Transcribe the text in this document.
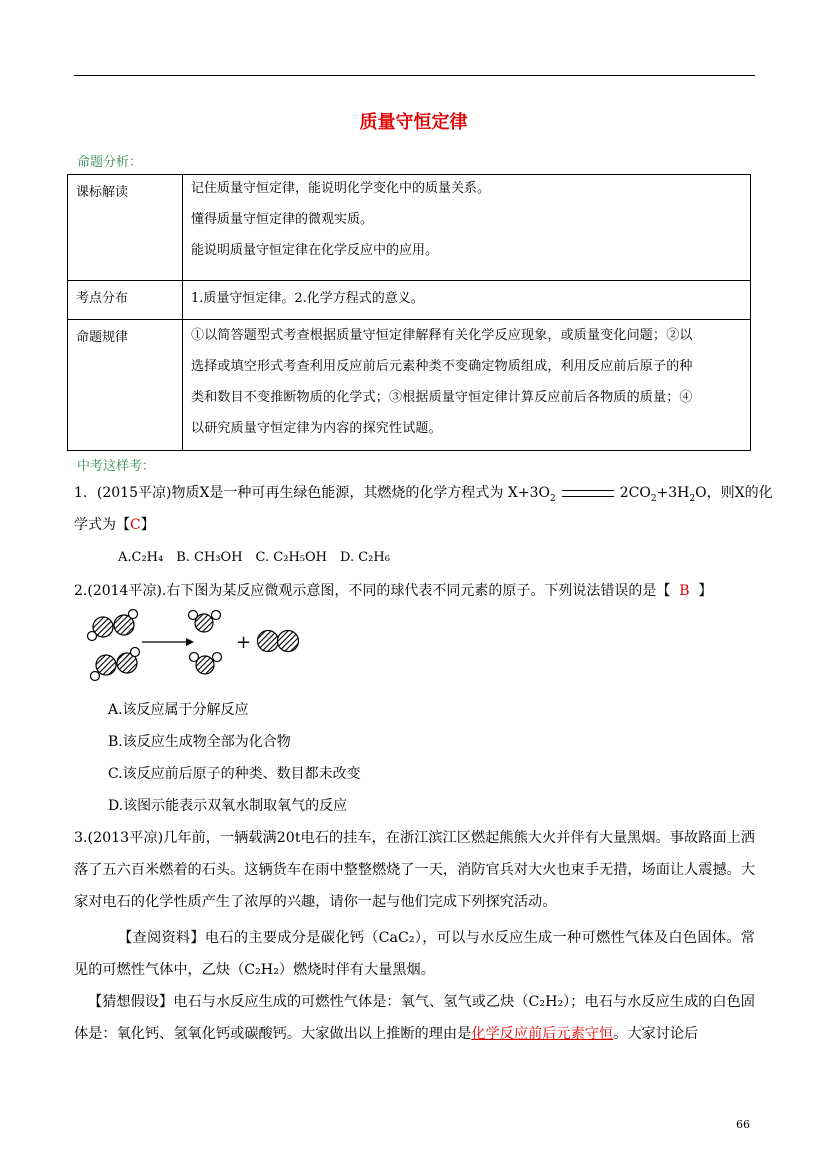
质量守恒定律
命题分析：
课标解读	记住质量守恒定律，能说明化学变化中的质量关系。
懂得质量守恒定律的微观实质。
能说明质量守恒定律在化学反应中的应用。

考点分布	1.质量守恒定律。2.化学方程式的意义。
命题规律	①以简答题型式考查根据质量守恒定律解释有关化学反应现象，或质量变化问题；②以
选择或填空形式考查利用反应前后元素种类不变确定物质组成，利用反应前后原子的种
类和数目不变推断物质的化学式；③根据质量守恒定律计算反应前后各物质的质量；④
以研究质量守恒定律为内容的探究性试题。
中考这样考：
1．(2015平凉)物质X是一种可再生绿色能源，其燃烧的化学方程式为 $X+3O_2$	$2CO_2+3H_2O$，则X的化
学式为【C】
A.C₂H₄　B. CH₃OH　C. C₂H₅OH　D. C₂H₆
2.(2014平凉).右下图为某反应微观示意图，不同的球代表不同元素的原子。下列说法错误的是【 B 】
+
A.该反应属于分解反应
B.该反应生成物全部为化合物
C.该反应前后原子的种类、数目都未改变
D.该图示能表示双氧水制取氧气的反应
3.(2013平凉)几年前，一辆载满20t电石的挂车，在浙江滨江区燃起熊熊大火并伴有大量黑烟。事故路面上洒落了五六百米燃着的石头。这辆货车在雨中整整燃烧了一天，消防官兵对大火也束手无措，场面让人震撼。大家对电石的化学性质产生了浓厚的兴趣，请你一起与他们完成下列探究活动。
【查阅资料】电石的主要成分是碳化钙（CaC₂），可以与水反应生成一种可燃性气体及白色固体。常见的可燃性气体中，乙炔（C₂H₂）燃烧时伴有大量黑烟。
【猜想假设】电石与水反应生成的可燃性气体是：氧气、氢气或乙炔（C₂H₂）；电石与水反应生成的白色固体是：氧化钙、氢氧化钙或碳酸钙。大家做出以上推断的理由是化学反应前后元素守恒。大家讨论后
66
